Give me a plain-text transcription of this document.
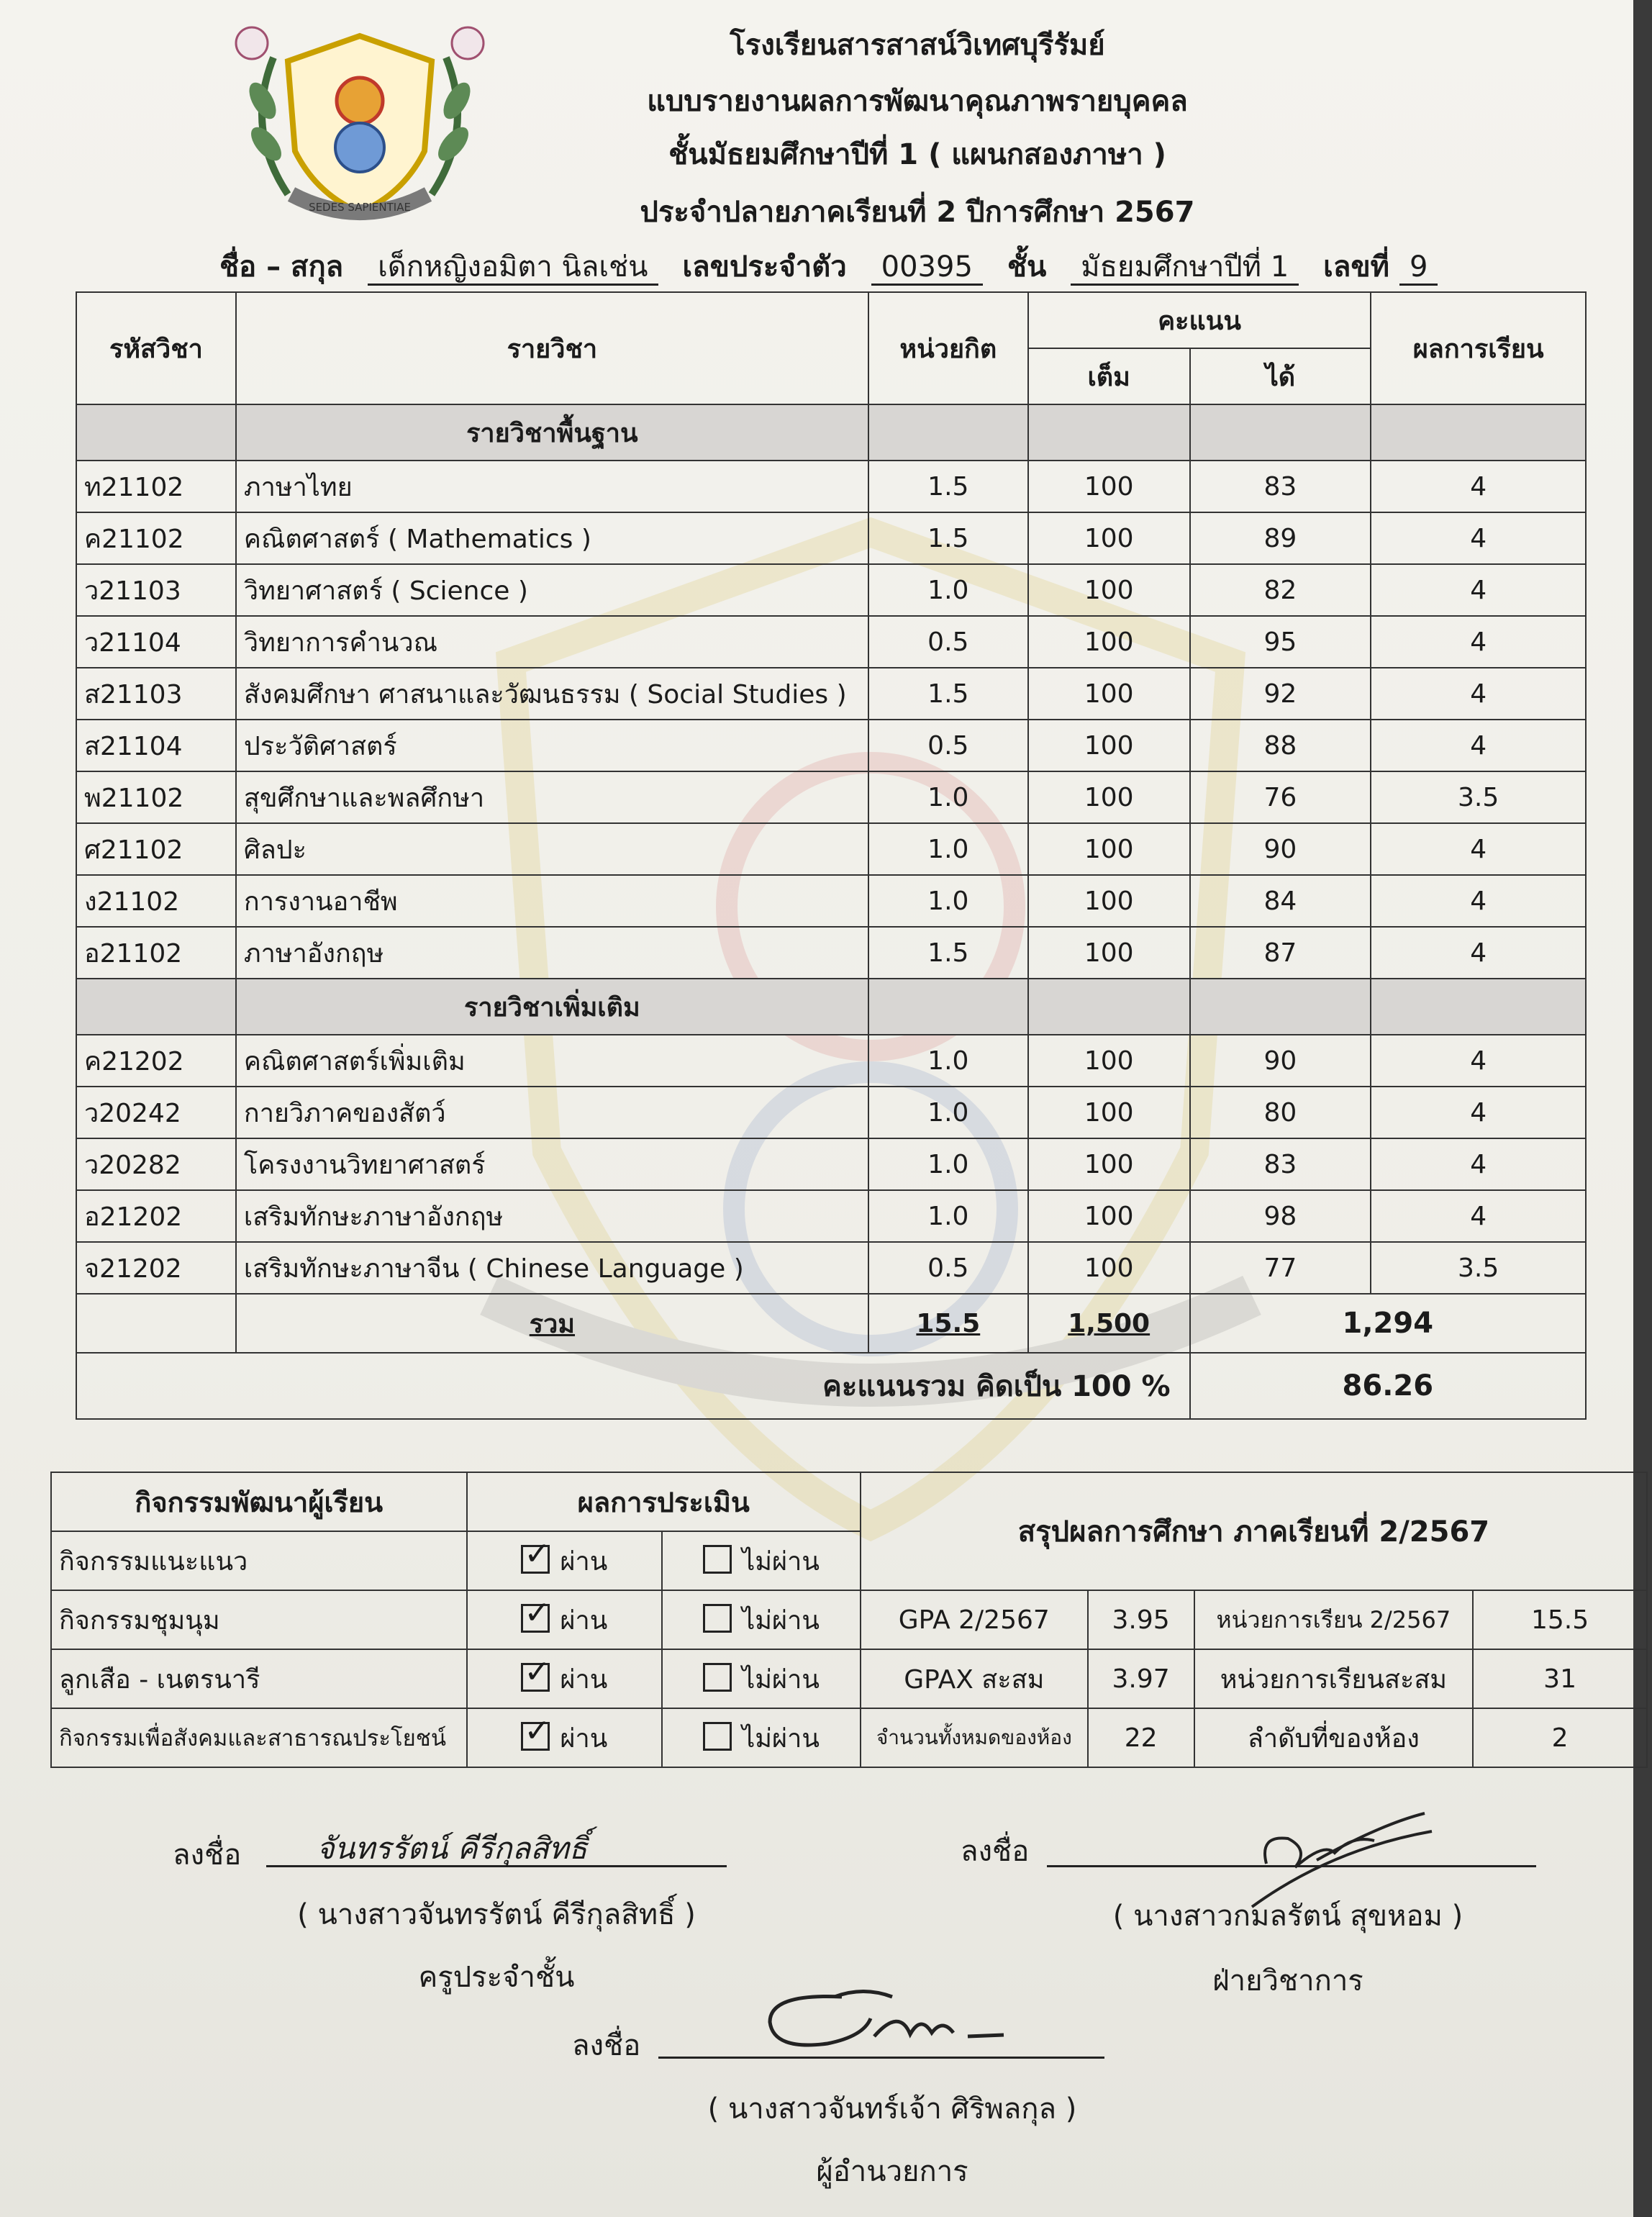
SEDES SAPIENTIAE
โรงเรียนสารสาสน์วิเทศบุรีรัมย์
แบบรายงานผลการพัฒนาคุณภาพรายบุคคล
ชั้นมัธยมศึกษาปีที่ 1 ( แผนกสองภาษา )
ประจำปลายภาคเรียนที่ 2 ปีการศึกษา 2567
ชื่อ – สกุล เด็กหญิงอมิตา นิลเช่น เลขประจำตัว 00395 ชั้น มัธยมศึกษาปีที่ 1 เลขที่ 9
รหัสวิชา	รายวิชา	หน่วยกิต	คะแนน		ผลการเรียน
			เต็ม	ได้	
	รายวิชาพื้นฐาน				
ท21102	ภาษาไทย	1.5	100	83	4
ค21102	คณิตศาสตร์ ( Mathematics )	1.5	100	89	4
ว21103	วิทยาศาสตร์ ( Science )	1.0	100	82	4
ว21104	วิทยาการคำนวณ	0.5	100	95	4
ส21103	สังคมศึกษา ศาสนาและวัฒนธรรม ( Social Studies )	1.5	100	92	4
ส21104	ประวัติศาสตร์	0.5	100	88	4
พ21102	สุขศึกษาและพลศึกษา	1.0	100	76	3.5
ศ21102	ศิลปะ	1.0	100	90	4
ง21102	การงานอาชีพ	1.0	100	84	4
อ21102	ภาษาอังกฤษ	1.5	100	87	4
	รายวิชาเพิ่มเติม				
ค21202	คณิตศาสตร์เพิ่มเติม	1.0	100	90	4
ว20242	กายวิภาคของสัตว์	1.0	100	80	4
ว20282	โครงงานวิทยาศาสตร์	1.0	100	83	4
อ21202	เสริมทักษะภาษาอังกฤษ	1.0	100	98	4
จ21202	เสริมทักษะภาษาจีน ( Chinese Language )	0.5	100	77	3.5
	รวม	15.5	1,500	1,294	
คะแนนรวม คิดเป็น 100 %				86.26	
กิจกรรมพัฒนาผู้เรียน	ผลการประเมิน		สรุปผลการศึกษา ภาคเรียนที่ 2/2567			
กิจกรรมแนะแนว	✓ผ่าน	ไม่ผ่าน				
กิจกรรมชุมนุม	✓ผ่าน	ไม่ผ่าน	GPA 2/2567	3.95	หน่วยการเรียน 2/2567	15.5
ลูกเสือ - เนตรนารี	✓ผ่าน	ไม่ผ่าน	GPAX สะสม	3.97	หน่วยการเรียนสะสม	31
กิจกรรมเพื่อสังคมและสาธารณประโยชน์	✓ผ่าน	ไม่ผ่าน	จำนวนทั้งหมดของห้อง	22	ลำดับที่ของห้อง	2
ลงชื่อ จันทรรัตน์ คีรีกุลสิทธิ์
( นางสาวจันทรรัตน์ คีรีกุลสิทธิ์ )
ครูประจำชั้น
ลงชื่อ
( นางสาวกมลรัตน์ สุขหอม )
ฝ่ายวิชาการ
ลงชื่อ
( นางสาวจันทร์เจ้า ศิริพลกุล )
ผู้อำนวยการ
